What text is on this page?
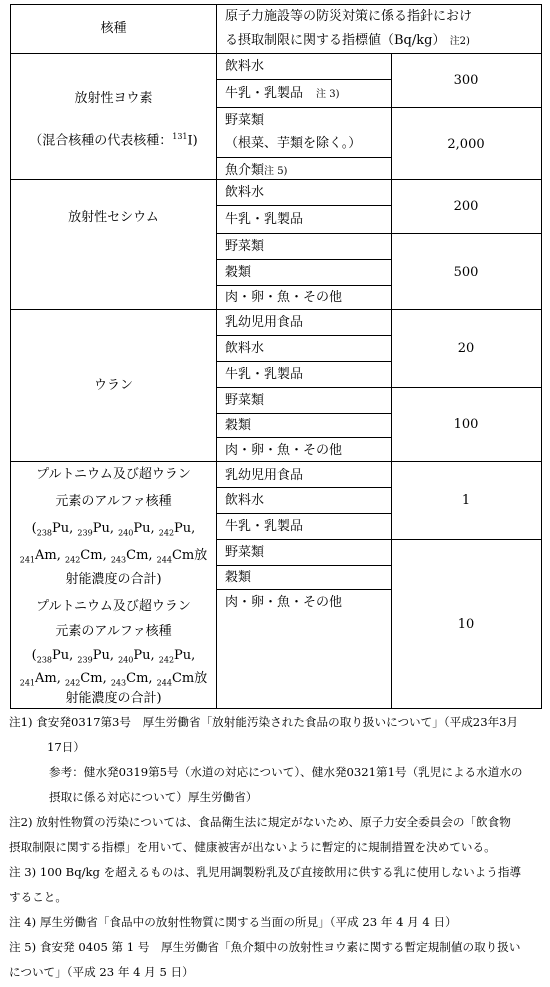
核種
原子力施設等の防災対策に係る指針におけ
る摂取制限に関する指標値（Bq/kg） 注2)
放射性ヨウ素
（混合核種の代表核種：$^{131}$I)
飲料水
牛乳・乳製品　 注 3)
野菜類
（根菜、芋類を除く。）
魚介類注 5)
300
2,000
放射性セシウム
飲料水
牛乳・乳製品
野菜類
穀類
肉・卵・魚・その他
200
500
ウラン
乳幼児用食品
飲料水
牛乳・乳製品
野菜類
穀類
肉・卵・魚・その他
20
100
プルトニウム及び超ウラン
元素のアルファ核種
($_{238}Pu$, $_{239}$Pu, $_{240}$Pu, $_{242}$Pu,
$_{241}$Am, $_{242}$Cm, $_{243}$Cm, $_{244}$Cm放
射能濃度の合計)
プルトニウム及び超ウラン
元素のアルファ核種
($_{238}Pu$, $_{239}$Pu, $_{240}$Pu, $_{242}$Pu,
$_{241}$Am, $_{242}$Cm, $_{243}$Cm, $_{244}$Cm放
射能濃度の合計)
乳幼児用食品
飲料水
牛乳・乳製品
野菜類
穀類
肉・卵・魚・その他
1
10
注1) 食安発0317第3号　厚生労働省「放射能汚染された食品の取り扱いについて」（平成23年3月
17日）
参考：健水発0319第5号（水道の対応について）、健水発0321第1号（乳児による水道水の
摂取に係る対応について）厚生労働省）
注2) 放射性物質の汚染については、食品衛生法に規定がないため、原子力安全委員会の「飲食物
摂取制限に関する指標」を用いて、健康被害が出ないように暫定的に規制措置を決めている。
注 3) 100 Bq/kg を超えるものは、乳児用調製粉乳及び直接飲用に供する乳に使用しないよう指導
すること。
注 4) 厚生労働省「食品中の放射性物質に関する当面の所見」（平成 23 年 4 月 4 日）
注 5) 食安発 0405 第 1 号　厚生労働省「魚介類中の放射性ヨウ素に関する暫定規制値の取り扱い
について」（平成 23 年 4 月 5 日）
